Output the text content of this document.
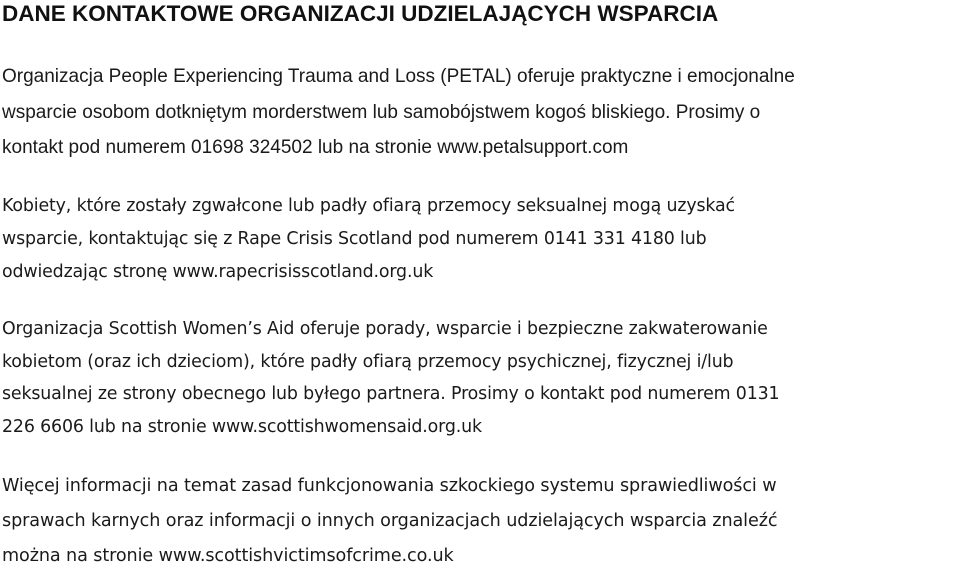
DANE KONTAKTOWE ORGANIZACJI UDZIELAJĄCYCH WSPARCIA

Organizacja People Experiencing Trauma and Loss (PETAL) oferuje praktyczne i emocjonalne
wsparcie osobom dotkniętym morderstwem lub samobójstwem kogoś bliskiego. Prosimy o
kontakt pod numerem 01698 324502 lub na stronie www.petalsupport.com

Kobiety, które zostały zgwałcone lub padły ofiarą przemocy seksualnej mogą uzyskać
wsparcie, kontaktując się z Rape Crisis Scotland pod numerem 0141 331 4180 lub
odwiedzając stronę www.rapecrisisscotland.org.uk

Organizacja Scottish Women’s Aid oferuje porady, wsparcie i bezpieczne zakwaterowanie
kobietom (oraz ich dzieciom), które padły ofiarą przemocy psychicznej, fizycznej i/lub
seksualnej ze strony obecnego lub byłego partnera. Prosimy o kontakt pod numerem 0131
226 6606 lub na stronie www.scottishwomensaid.org.uk

Więcej informacji na temat zasad funkcjonowania szkockiego systemu sprawiedliwości w
sprawach karnych oraz informacji o innych organizacjach udzielających wsparcia znaleźć
można na stronie www.scottishvictimsofcrime.co.uk
